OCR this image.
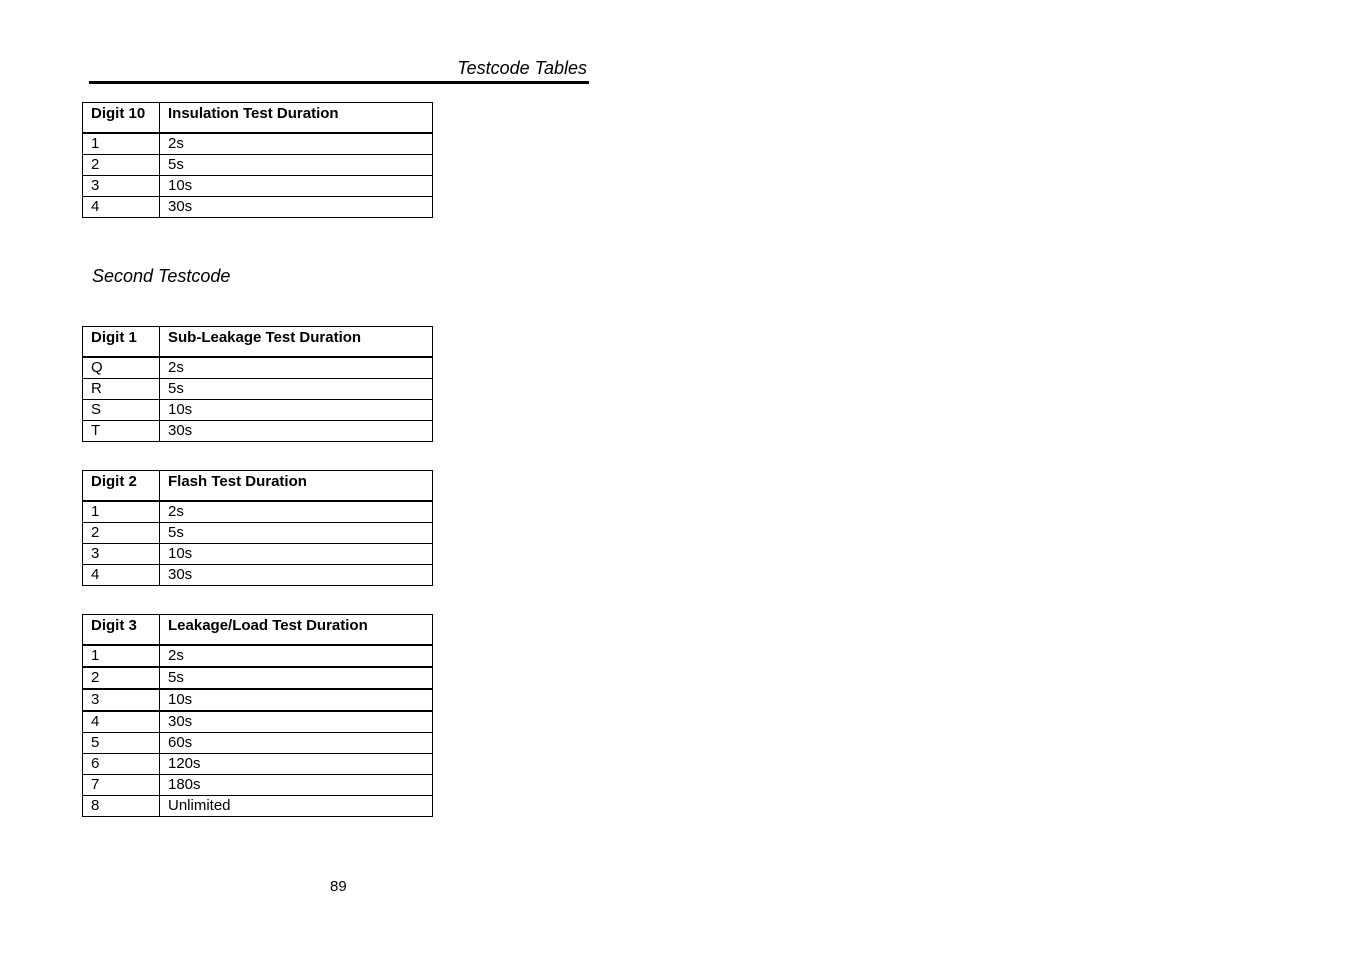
Testcode Tables
Digit 10	Insulation Test Duration
1	2s
2	5s
3	10s
4	30s
Second Testcode
Digit 1	Sub-Leakage Test Duration
Q	2s
R	5s
S	10s
T	30s
Digit 2	Flash Test Duration
1	2s
2	5s
3	10s
4	30s
Digit 3	Leakage/Load Test Duration
1	2s
2	5s
3	10s
4	30s
5	60s
6	120s
7	180s
8	Unlimited
89
